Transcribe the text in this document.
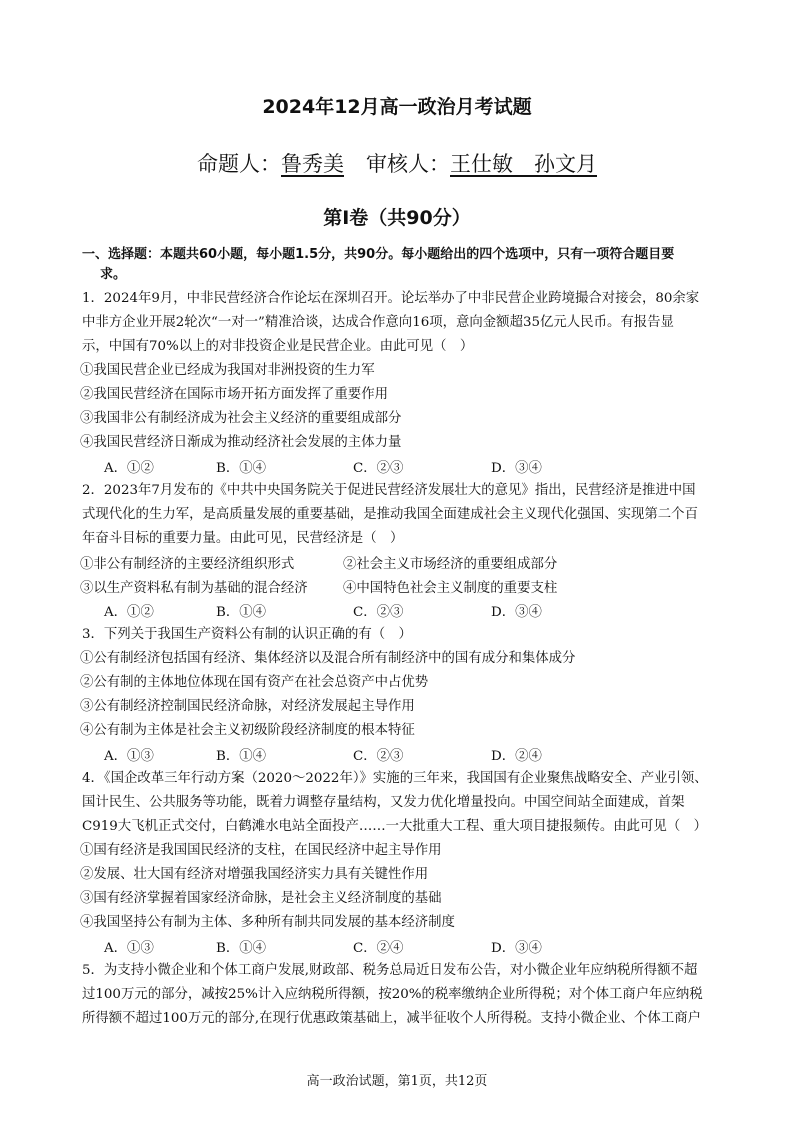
2024年12月高一政治月考试题
命题人：鲁秀美 审核人：王仕敏　 孙文月
第Ⅰ卷（共90分）
一、选择题：本题共60小题，每小题1.5分，共90分。每小题给出的四个选项中，只有一项符合题目要
求。
1．2024年9月，中非民营经济合作论坛在深圳召开。论坛举办了中非民营企业跨境撮合对接会，80余家
中非方企业开展2轮次“一对一”精准洽谈，达成合作意向16项，意向金额超35亿元人民币。有报告显
示，中国有70%以上的对非投资企业是民营企业。由此可见（　）
①我国民营企业已经成为我国对非洲投资的生力军
②我国民营经济在国际市场开拓方面发挥了重要作用
③我国非公有制经济成为社会主义经济的重要组成部分
④我国民营经济日渐成为推动经济社会发展的主体力量
A．①②	B．①④	C．②③	D．③④
2．2023年7月发布的《中共中央国务院关于促进民营经济发展壮大的意见》指出，民营经济是推进中国
式现代化的生力军，是高质量发展的重要基础，是推动我国全面建成社会主义现代化强国、实现第二个百
年奋斗目标的重要力量。由此可见，民营经济是（　）
①非公有制经济的主要经济组织形式	②社会主义市场经济的重要组成部分
③以生产资料私有制为基础的混合经济	④中国特色社会主义制度的重要支柱
A．①②	B．①④	C．②③	D．③④
3．下列关于我国生产资料公有制的认识正确的有（　）
①公有制经济包括国有经济、集体经济以及混合所有制经济中的国有成分和集体成分
②公有制的主体地位体现在国有资产在社会总资产中占优势
③公有制经济控制国民经济命脉，对经济发展起主导作用
④公有制为主体是社会主义初级阶段经济制度的根本特征
A．①③	B．①④	C．②③	D．②④
4．《国企改革三年行动方案（2020～2022年）》实施的三年来，我国国有企业聚焦战略安全、产业引领、
国计民生、公共服务等功能，既着力调整存量结构，又发力优化增量投向。中国空间站全面建成，首架
C919大飞机正式交付，白鹤滩水电站全面投产……一大批重大工程、重大项目捷报频传。由此可见（　）
①国有经济是我国国民经济的支柱，在国民经济中起主导作用
②发展、壮大国有经济对增强我国经济实力具有关键性作用
③国有经济掌握着国家经济命脉，是社会主义经济制度的基础
④我国坚持公有制为主体、多种所有制共同发展的基本经济制度
A．①③	B．①④	C．②④	D．③④
5．为支持小微企业和个体工商户发展,财政部、税务总局近日发布公告，对小微企业年应纳税所得额不超
过100万元的部分，减按25%计入应纳税所得额，按20%的税率缴纳企业所得税；对个体工商户年应纳税
所得额不超过100万元的部分,在现行优惠政策基础上，减半征收个人所得税。支持小微企业、个体工商户
高一政治试题，第1页，共12页
